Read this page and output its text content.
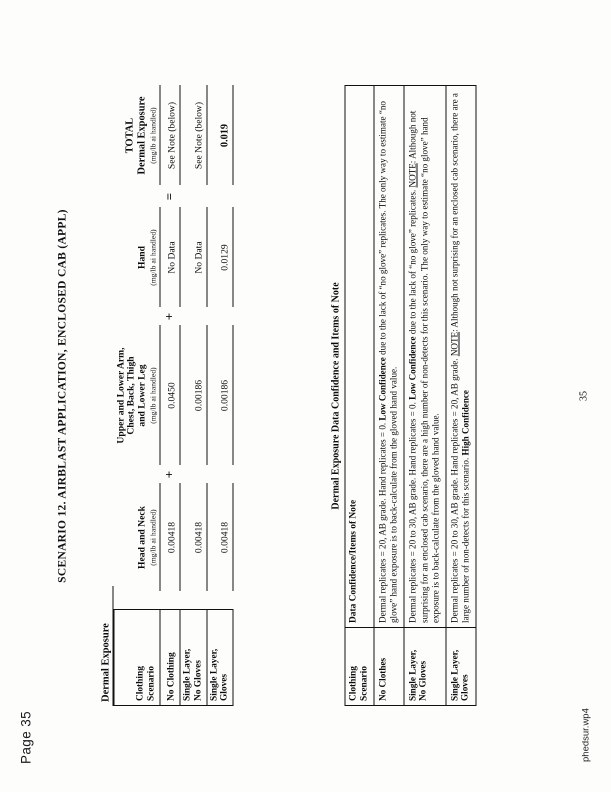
Page 35	phedsur.wp4
SCENARIO 12. AIRBLAST APPLICATION, ENCLOSED CAB (APPL)
Dermal Exposure	Clothing
Scenario		Head and Neck (mg/lb ai handled)		Upper and Lower Arm,
Chest, Back, Thigh
and Lower Leg (mg/lb ai handled)		Hand (mg/lb ai handled)		TOTAL
Dermal Exposure (mg/lb ai handled)

No Clothing		0.00418	+	0.0450	+	No Data	=	See Note (below)
Single Layer,
No Gloves		0.00418		0.00186		No Data		See Note (below)
Single Layer,
Gloves		0.00418		0.00186		0.0129		0.019
Dermal Exposure Data Confidence and Items of Note
Clothing
Scenario	Data Confidence/Items of Note
No Clothes	Dermal replicates = 20, AB grade. Hand replicates = 0. Low Confidence due to the lack of “no glove” replicates. The only way to estimate “no glove” hand exposure is to back-calculate from the gloved hand value.
Single Layer,
No Gloves	Dermal replicates = 20 to 30, AB grade. Hand replicates = 0. Low Confidence due to the lack of “no glove” replicates. NOTE: Although not surprising for an enclosed cab scenario, there are a high number of non-detects for this scenario. The only way to estimate “no glove” hand exposure is to back-calculate from the gloved hand value.
Single Layer,
Gloves	Dermal replicates = 20 to 30, AB grade. Hand replicates = 20, AB grade. NOTE: Although not surprising for an enclosed cab scenario, there are a large number of non-detects for this scenario. High Confidence	35
